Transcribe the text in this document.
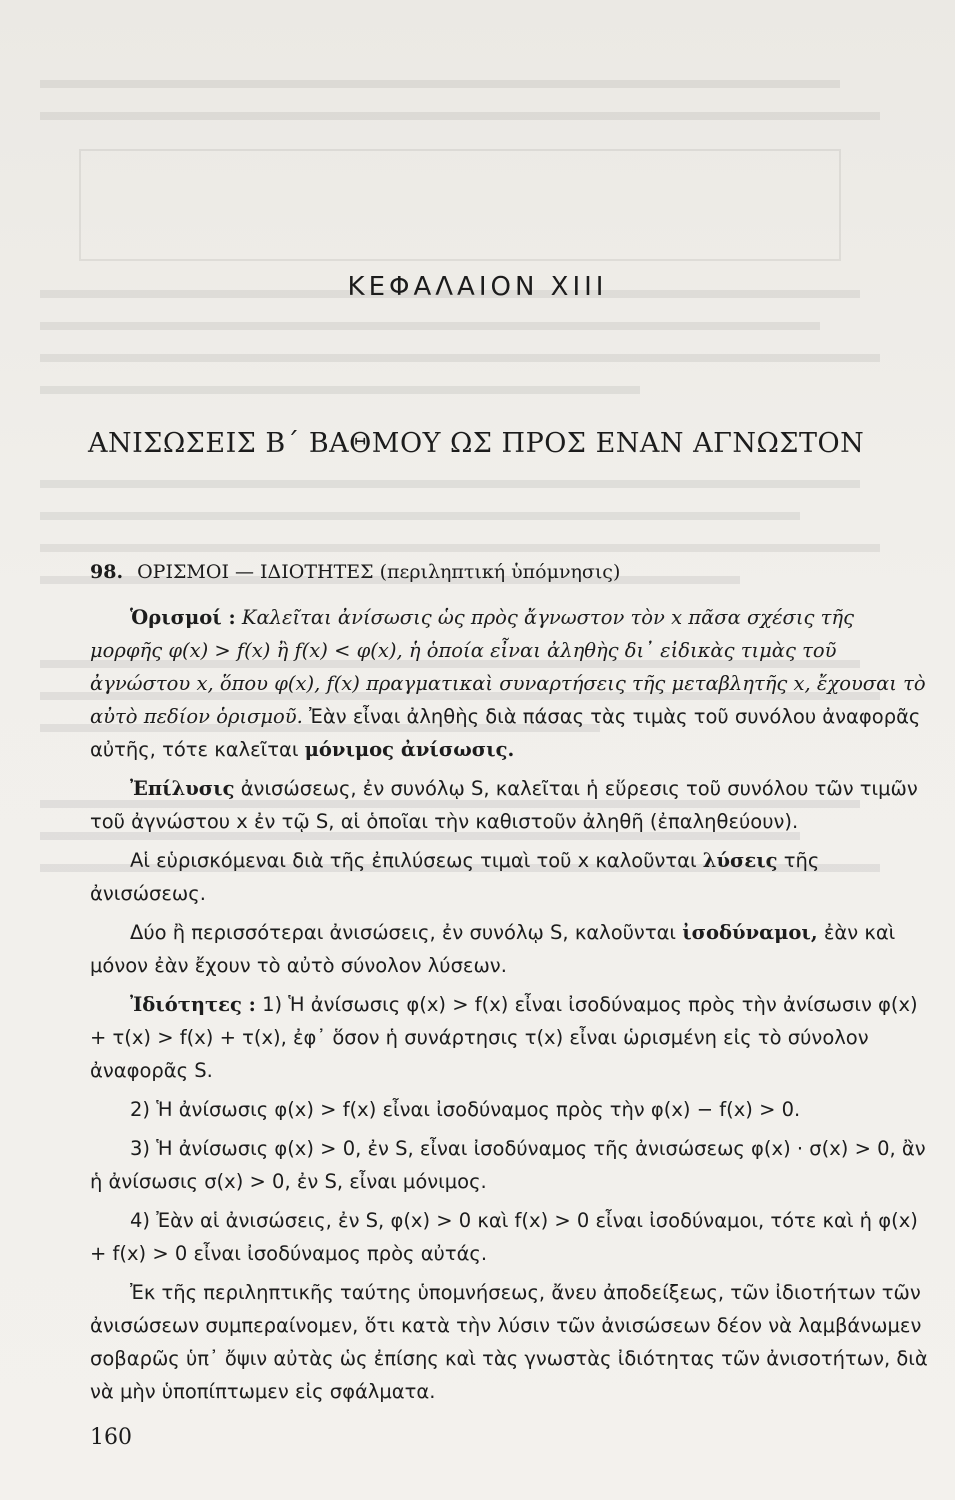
ΚΕΦΑΛΑΙΟΝ XIII
ΑΝΙΣΩΣΕΙΣ Β΄ ΒΑΘΜΟΥ ΩΣ ΠΡΟΣ ΕΝΑΝ ΑΓΝΩΣΤΟΝ

98. ΟΡΙΣΜΟΙ — ΙΔΙΟΤΗΤΕΣ (περιληπτική ὑπόμνησις)

Ὁρισμοί : Καλεῖται ἀνίσωσις ὡς πρὸς ἄγνωστον τὸν x πᾶσα σχέσις τῆς μορφῆς φ(x) > f(x) ἢ f(x) < φ(x), ἡ ὁποία εἶναι ἀληθὴς δι᾽ εἰδικὰς τιμὰς τοῦ ἀγνώστου x, ὅπου φ(x), f(x) πραγματικαὶ συναρτήσεις τῆς μεταβλητῆς x, ἔχουσαι τὸ αὐτὸ πεδίον ὁρισμοῦ. Ἐὰν εἶναι ἀληθὴς διὰ πάσας τὰς τιμὰς τοῦ συνόλου ἀναφορᾶς αὐτῆς, τότε καλεῖται μόνιμος ἀνίσωσις.

Ἐπίλυσις ἀνισώσεως, ἐν συνόλῳ S, καλεῖται ἡ εὕρεσις τοῦ συνόλου τῶν τιμῶν τοῦ ἀγνώστου x ἐν τῷ S, αἱ ὁποῖαι τὴν καθιστοῦν ἀληθῆ (ἐπαληθεύουν).

Αἱ εὑρισκόμεναι διὰ τῆς ἐπιλύσεως τιμαὶ τοῦ x καλοῦνται λύσεις τῆς ἀνισώσεως.

Δύο ἢ περισσότεραι ἀνισώσεις, ἐν συνόλῳ S, καλοῦνται ἰσοδύναμοι, ἐὰν καὶ μόνον ἐὰν ἔχουν τὸ αὐτὸ σύνολον λύσεων.

Ἰδιότητες : 1) Ἡ ἀνίσωσις φ(x) > f(x) εἶναι ἰσοδύναμος πρὸς τὴν ἀνίσωσιν φ(x) + τ(x) > f(x) + τ(x), ἐφ᾽ ὅσον ἡ συνάρτησις τ(x) εἶναι ὡρισμένη εἰς τὸ σύνολον ἀναφορᾶς S.

2) Ἡ ἀνίσωσις φ(x) > f(x) εἶναι ἰσοδύναμος πρὸς τὴν φ(x) − f(x) > 0.

3) Ἡ ἀνίσωσις φ(x) > 0, ἐν S, εἶναι ἰσοδύναμος τῆς ἀνισώσεως φ(x) · σ(x) > 0, ἂν ἡ ἀνίσωσις σ(x) > 0, ἐν S, εἶναι μόνιμος.

4) Ἐὰν αἱ ἀνισώσεις, ἐν S, φ(x) > 0 καὶ f(x) > 0 εἶναι ἰσοδύναμοι, τότε καὶ ἡ φ(x) + f(x) > 0 εἶναι ἰσοδύναμος πρὸς αὐτάς.

Ἐκ τῆς περιληπτικῆς ταύτης ὑπομνήσεως, ἄνευ ἀποδείξεως, τῶν ἰδιοτήτων τῶν ἀνισώσεων συμπεραίνομεν, ὅτι κατὰ τὴν λύσιν τῶν ἀνισώσεων δέον νὰ λαμβάνωμεν σοβαρῶς ὑπ᾽ ὄψιν αὐτὰς ὡς ἐπίσης καὶ τὰς γνωστὰς ἰδιότητας τῶν ἀνισοτήτων, διὰ νὰ μὴν ὑποπίπτωμεν εἰς σφάλματα.

160
